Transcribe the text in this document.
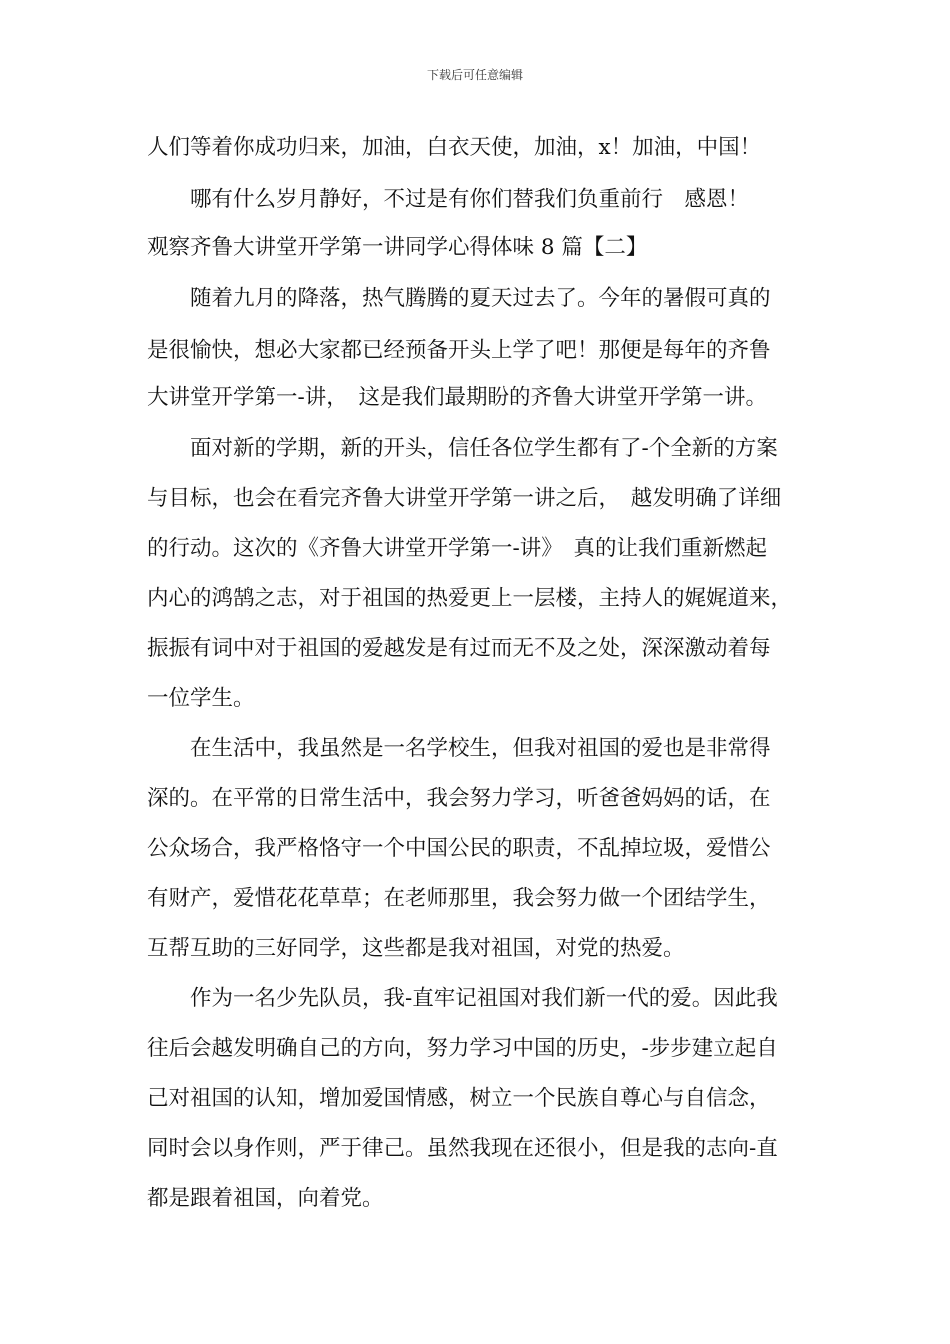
下载后可任意编辑
人们等着你成功归来，加油，白衣天使，加油，x！加油，中国！
哪有什么岁月静好，不过是有你们替我们负重前行　感恩！
观察齐鲁大讲堂开学第一讲同学心得体味 8 篇【二】
随着九月的降落，热气腾腾的夏天过去了。今年的暑假可真的
是很愉快，想必大家都已经预备开头上学了吧！那便是每年的齐鲁
大讲堂开学第一-讲，　这是我们最期盼的齐鲁大讲堂开学第一讲。
面对新的学期，新的开头，信任各位学生都有了-个全新的方案
与目标，也会在看完齐鲁大讲堂开学第一讲之后，　越发明确了详细
的行动。这次的《齐鲁大讲堂开学第一-讲》　真的让我们重新燃起
内心的鸿鹄之志，对于祖国的热爱更上一层楼，主持人的娓娓道来，
振振有词中对于祖国的爱越发是有过而无不及之处，深深激动着每
一位学生。
在生活中，我虽然是一名学校生，但我对祖国的爱也是非常得
深的。在平常的日常生活中，我会努力学习，听爸爸妈妈的话，在
公众场合，我严格恪守一个中国公民的职责，不乱掉垃圾，爱惜公
有财产，爱惜花花草草；在老师那里，我会努力做一个团结学生，
互帮互助的三好同学，这些都是我对祖国，对党的热爱。
作为一名少先队员，我-直牢记祖国对我们新一代的爱。因此我
往后会越发明确自己的方向，努力学习中国的历史，-步步建立起自
己对祖国的认知，增加爱国情感，树立一个民族自尊心与自信念，
同时会以身作则，严于律己。虽然我现在还很小，但是我的志向-直
都是跟着祖国，向着党。
